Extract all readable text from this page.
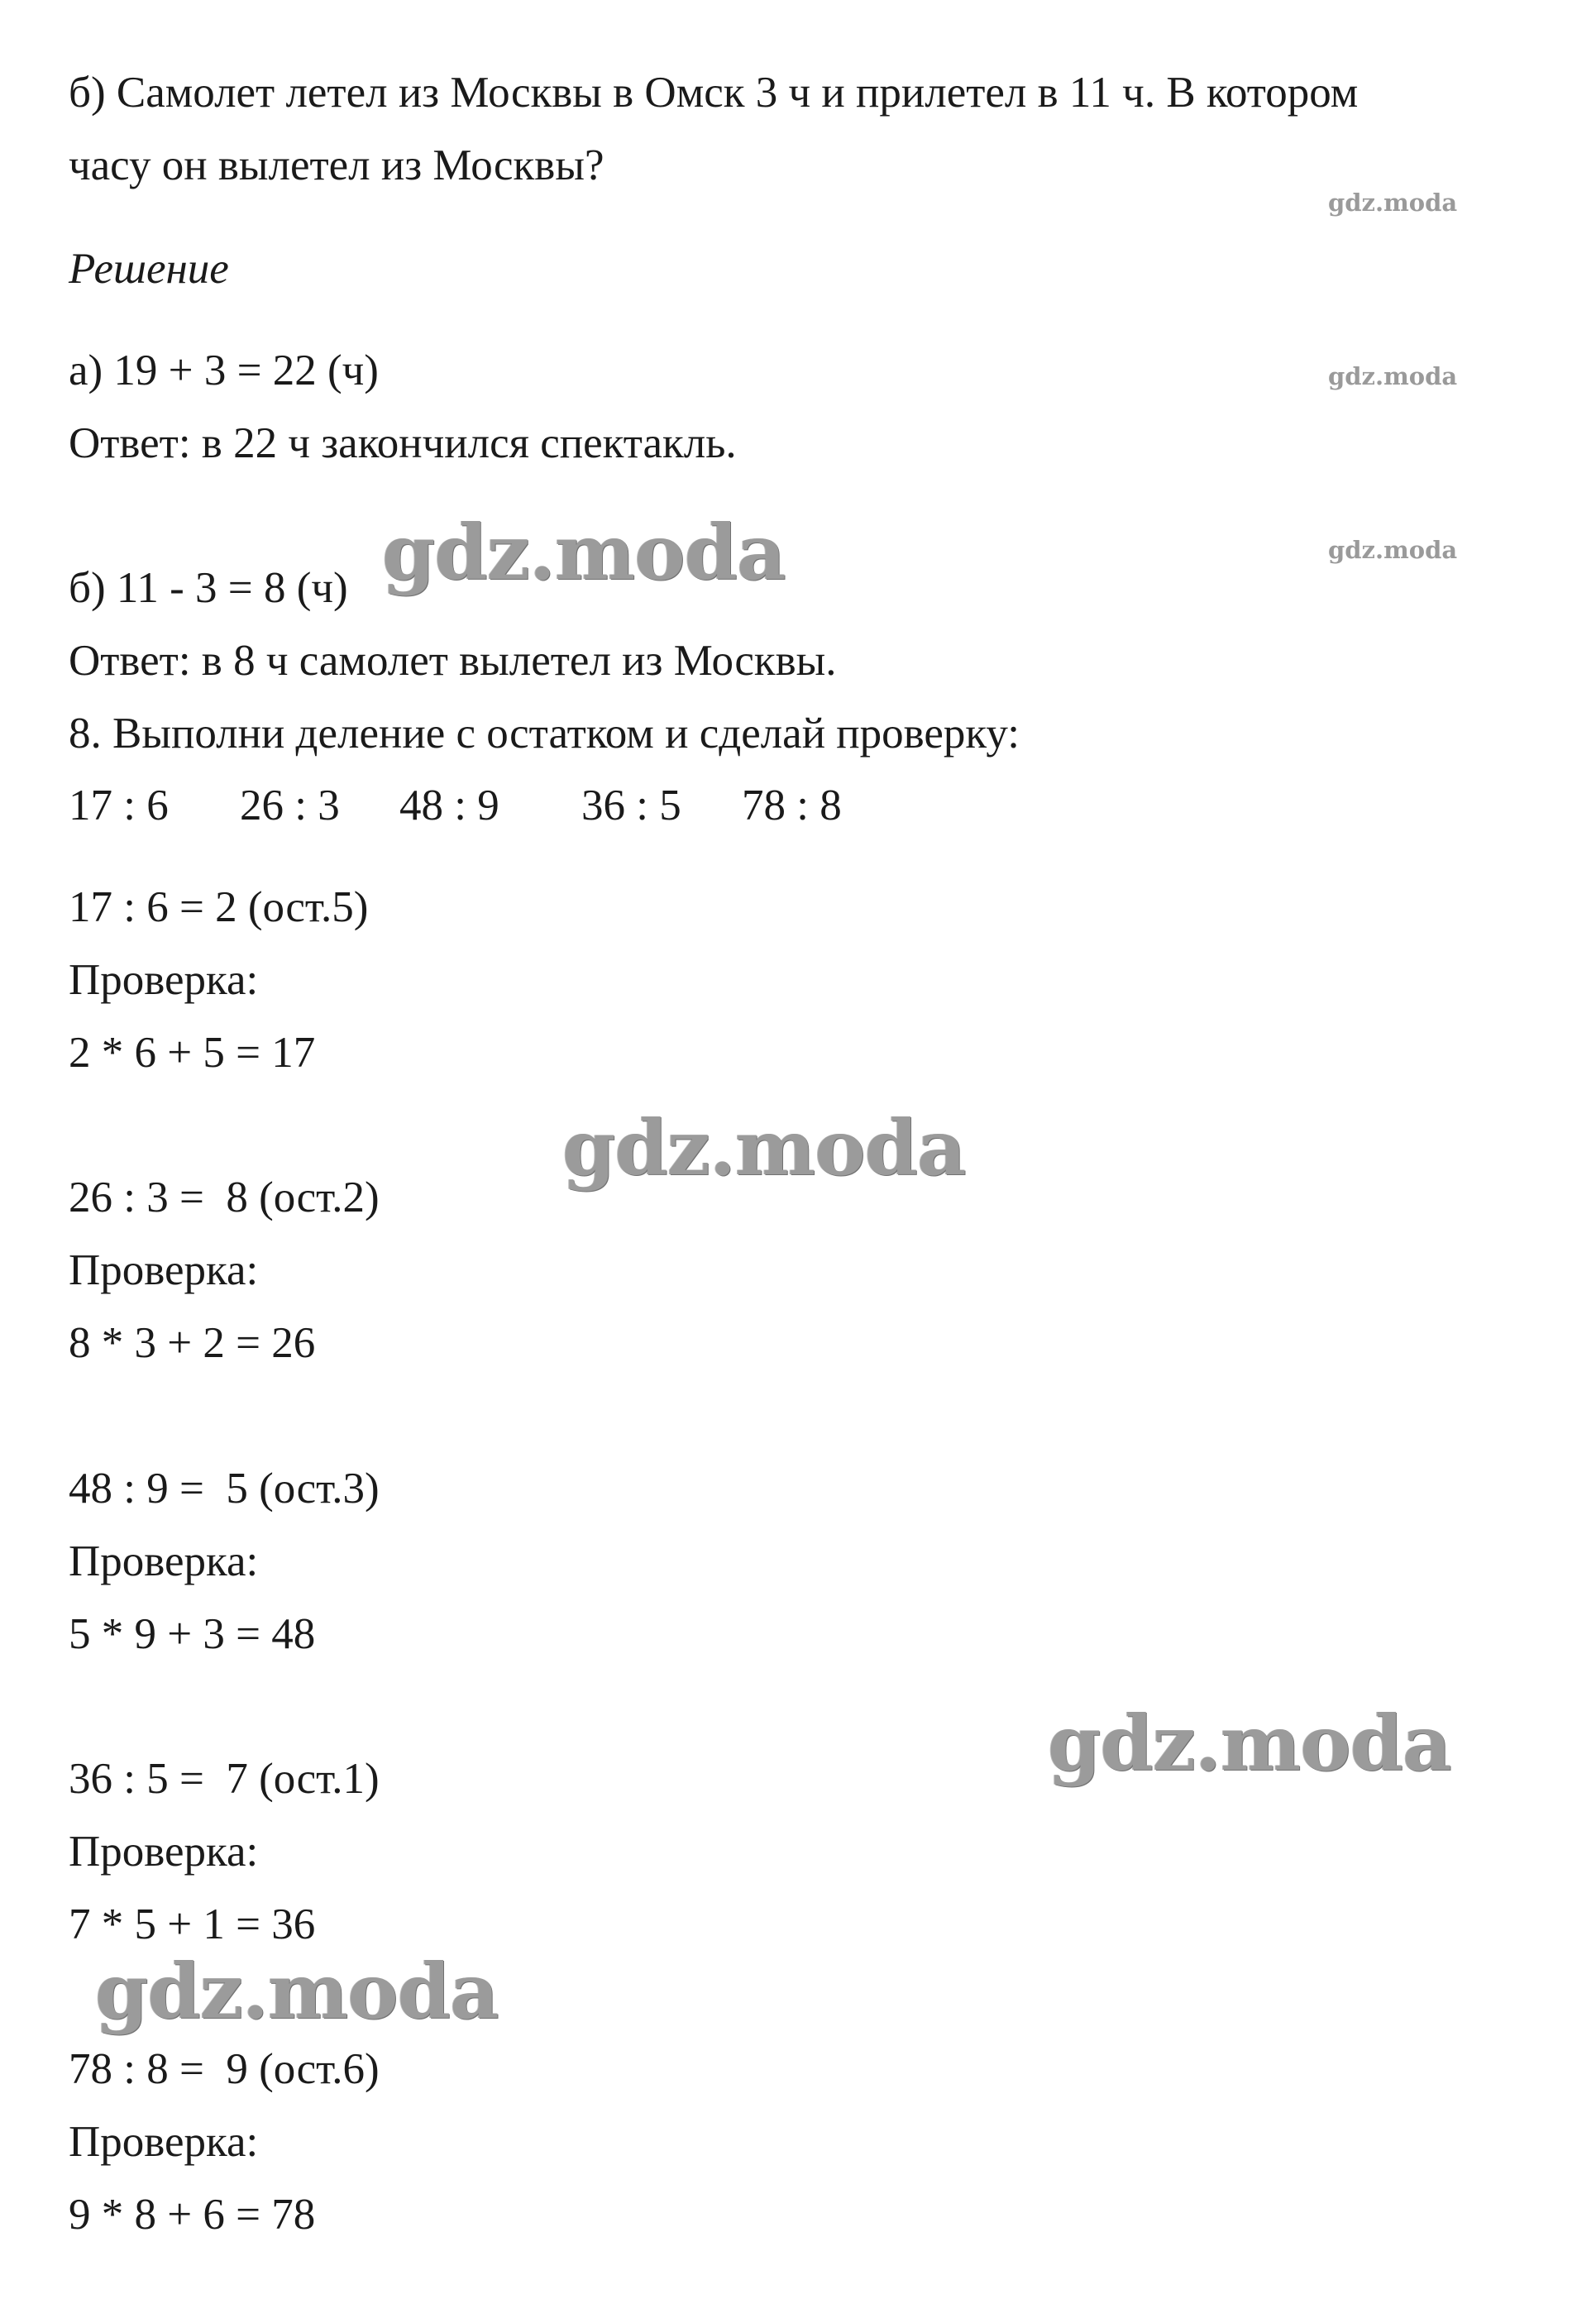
б) Самолет летел из Москвы в Омск 3 ч и прилетел в 11 ч. В котором

часу он вылетел из Москвы?

Решение

а) 19 + 3 = 22 (ч)

Ответ: в 22 ч закончился спектакль.

б) 11 - 3 = 8 (ч)

Ответ: в 8 ч самолет вылетел из Москвы.

8. Выполни деление с остатком и сделай проверку:

17 : 6

26 : 3

48 : 9

36 : 5

78 : 8

17 : 6 = 2 (ост.5)

Проверка:

2 * 6 + 5 = 17

26 : 3 =  8 (ост.2)

Проверка:

8 * 3 + 2 = 26

48 : 9 =  5 (ост.3)

Проверка:

5 * 9 + 3 = 48

36 : 5 =  7 (ост.1)

Проверка:

7 * 5 + 1 = 36

78 : 8 =  9 (ост.6)

Проверка:

9 * 8 + 6 = 78

gdz.moda
gdz.moda
gdz.moda
gdz.moda
gdz.moda
gdz.moda
gdz.moda
